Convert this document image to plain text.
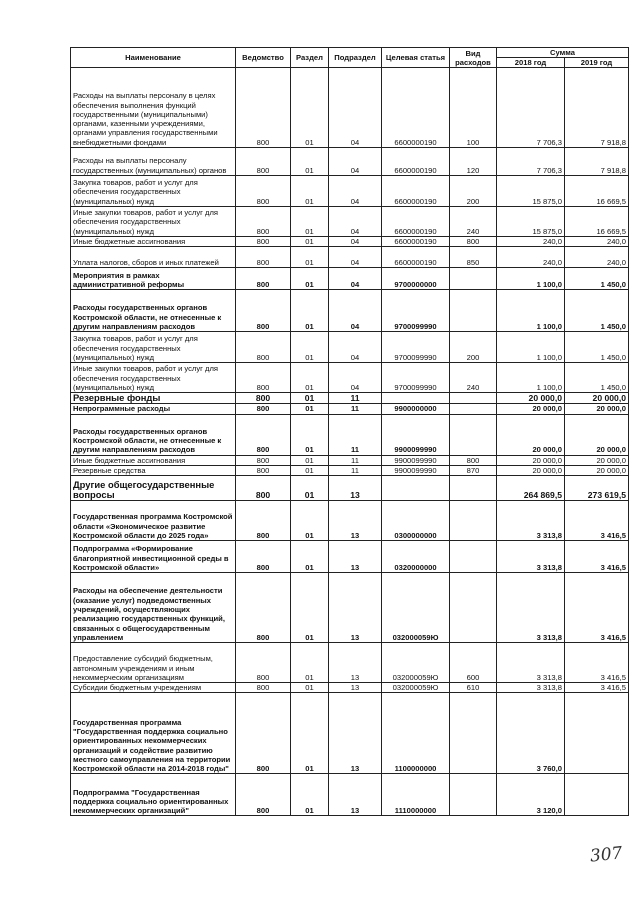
Наименование	Ведомство	Раздел	Подраздел	Целевая статья	Вид расходов	Сумма	
						2018 год	2019 год
Расходы на выплаты персоналу в целях обеспечения выполнения функций государственными (муниципальными) органами, казенными учреждениями, органами управления государственными внебюджетными фондами	800	01	04	6600000190	100	7 706,3	7 918,8
Расходы на выплаты персоналу государственных (муниципальных) органов	800	01	04	6600000190	120	7 706,3	7 918,8
Закупка товаров, работ и услуг для обеспечения государственных (муниципальных) нужд	800	01	04	6600000190	200	15 875,0	16 669,5
Иные закупки товаров, работ и услуг для обеспечения государственных (муниципальных) нужд	800	01	04	6600000190	240	15 875,0	16 669,5
Иные бюджетные ассигнования	800	01	04	6600000190	800	240,0	240,0
Уплата налогов, сборов и иных платежей	800	01	04	6600000190	850	240,0	240,0
Мероприятия в рамках административной реформы	800	01	04	9700000000		1 100,0	1 450,0
Расходы государственных органов Костромской области, не отнесенные к другим направлениям расходов	800	01	04	9700099990		1 100,0	1 450,0
Закупка товаров, работ и услуг для обеспечения государственных (муниципальных) нужд	800	01	04	9700099990	200	1 100,0	1 450,0
Иные закупки товаров, работ и услуг для обеспечения государственных (муниципальных) нужд	800	01	04	9700099990	240	1 100,0	1 450,0
Резервные фонды	800	01	11			20 000,0	20 000,0
Непрограммные расходы	800	01	11	9900000000		20 000,0	20 000,0
Расходы государственных органов Костромской области, не отнесенные к другим направлениям расходов	800	01	11	9900099990		20 000,0	20 000,0
Иные бюджетные ассигнования	800	01	11	9900099990	800	20 000,0	20 000,0
Резервные средства	800	01	11	9900099990	870	20 000,0	20 000,0
Другие общегосударственные вопросы	800	01	13			264 869,5	273 619,5
Государственная программа Костромской области «Экономическое развитие Костромской области до 2025 года»	800	01	13	0300000000		3 313,8	3 416,5
Подпрограмма «Формирование благоприятной инвестиционной среды в Костромской области»	800	01	13	0320000000		3 313,8	3 416,5
Расходы на обеспечение деятельности (оказание услуг) подведомственных учреждений, осуществляющих реализацию государственных функций, связанных с общегосударственным управлением	800	01	13	032000059Ю		3 313,8	3 416,5
Предоставление субсидий бюджетным, автономным учреждениям и иным некоммерческим организациям	800	01	13	032000059Ю	600	3 313,8	3 416,5
Субсидии бюджетным учреждениям	800	01	13	032000059Ю	610	3 313,8	3 416,5
Государственная программа "Государственная поддержка социально ориентированных некоммерческих организаций и содействие развитию местного самоуправления на территории Костромской области на 2014-2018 годы"	800	01	13	1100000000		3 760,0	
Подпрограмма "Государственная поддержка социально ориентированных некоммерческих организаций"	800	01	13	1110000000		3 120,0	
307
